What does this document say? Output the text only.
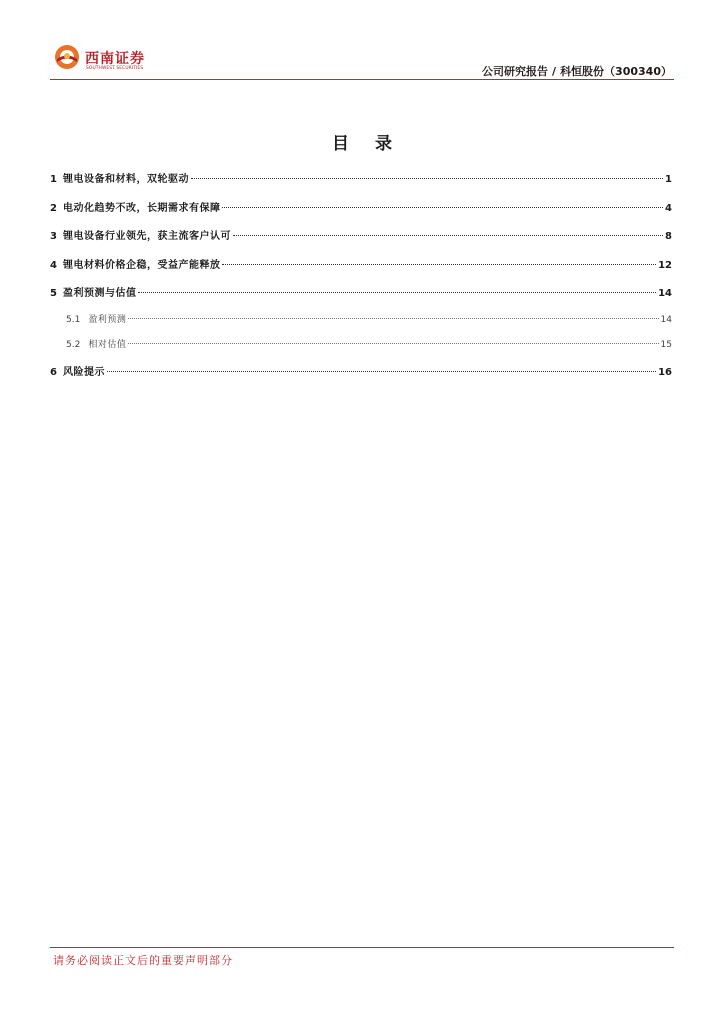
西南证券
SOUTHWEST SECURITIES	公司研究报告 / 科恒股份（300340）
目 录
1 锂电设备和材料，双轮驱动	1
2 电动化趋势不改，长期需求有保障	4
3 锂电设备行业领先，获主流客户认可	8
4 锂电材料价格企稳，受益产能释放	12
5 盈利预测与估值	14
5.1 盈利预测	14
5.2 相对估值	15
6 风险提示	16
请务必阅读正文后的重要声明部分
